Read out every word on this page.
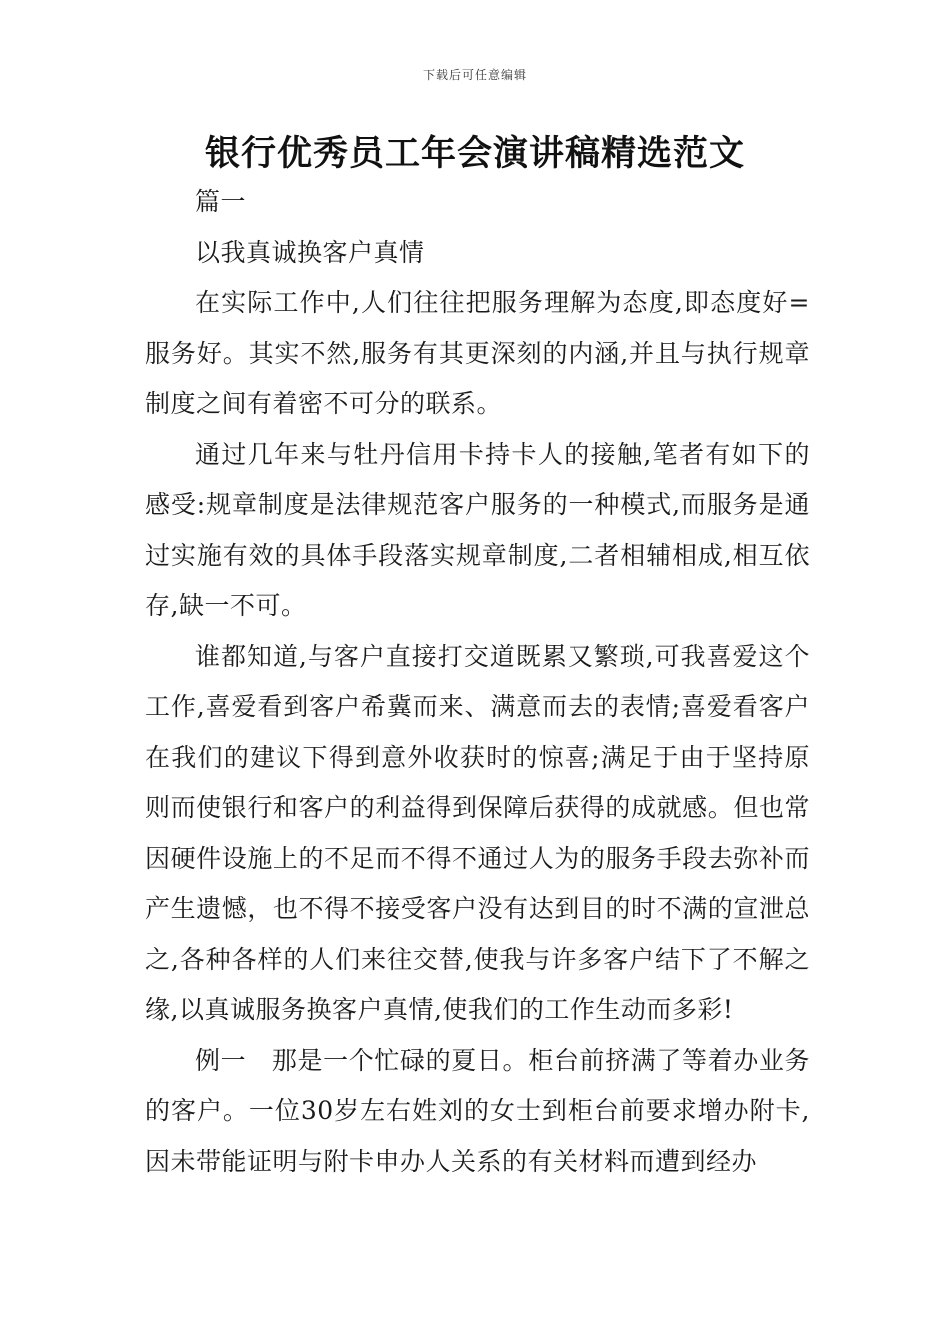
下载后可任意编辑
银行优秀员工年会演讲稿精选范文

篇一

以我真诚换客户真情

在实际工作中,人们往往把服务理解为态度,即态度好=服务好。其实不然,服务有其更深刻的内涵,并且与执行规章制度之间有着密不可分的联系。

通过几年来与牡丹信用卡持卡人的接触,笔者有如下的感受:规章制度是法律规范客户服务的一种模式,而服务是通过实施有效的具体手段落实规章制度,二者相辅相成,相互依存,缺一不可。

谁都知道,与客户直接打交道既累又繁琐,可我喜爱这个工作,喜爱看到客户希冀而来、满意而去的表情;喜爱看客户在我们的建议下得到意外收获时的惊喜;满足于由于坚持原则而使银行和客户的利益得到保障后获得的成就感。但也常因硬件设施上的不足而不得不通过人为的服务手段去弥补而产生遗憾，也不得不接受客户没有达到目的时不满的宣泄总之,各种各样的人们来往交替,使我与许多客户结下了不解之缘,以真诚服务换客户真情,使我们的工作生动而多彩!

例一　那是一个忙碌的夏日。柜台前挤满了等着办业务的客户。一位30岁左右姓刘的女士到柜台前要求增办附卡,因未带能证明与附卡申办人关系的有关材料而遭到经办
